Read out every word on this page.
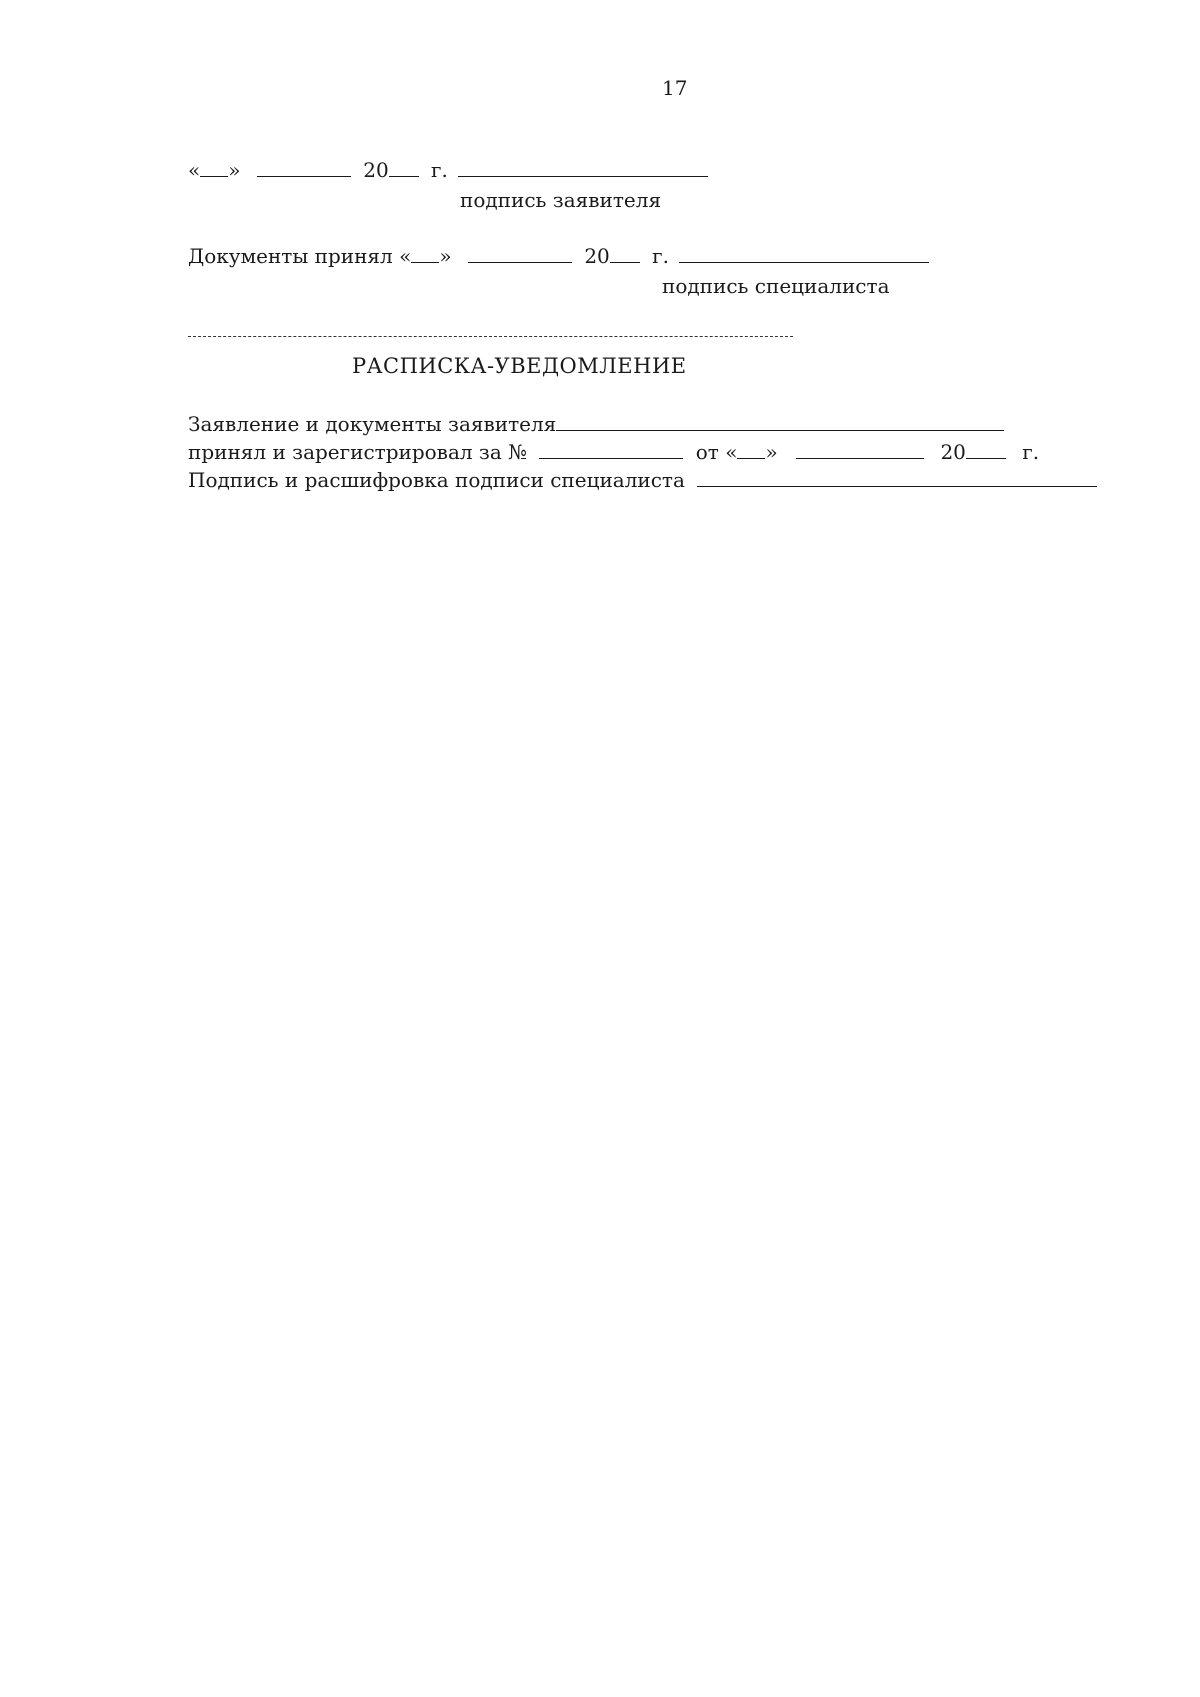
17
« »	20 г.
подпись заявителя
Документы принял « »	20 г.
подпись специалиста
РАСПИСКА-УВЕДОМЛЕНИЕ
Заявление и документы заявителя
принял и зарегистрировал за №	от « »	20	г.
Подпись и расшифровка подписи специалиста
